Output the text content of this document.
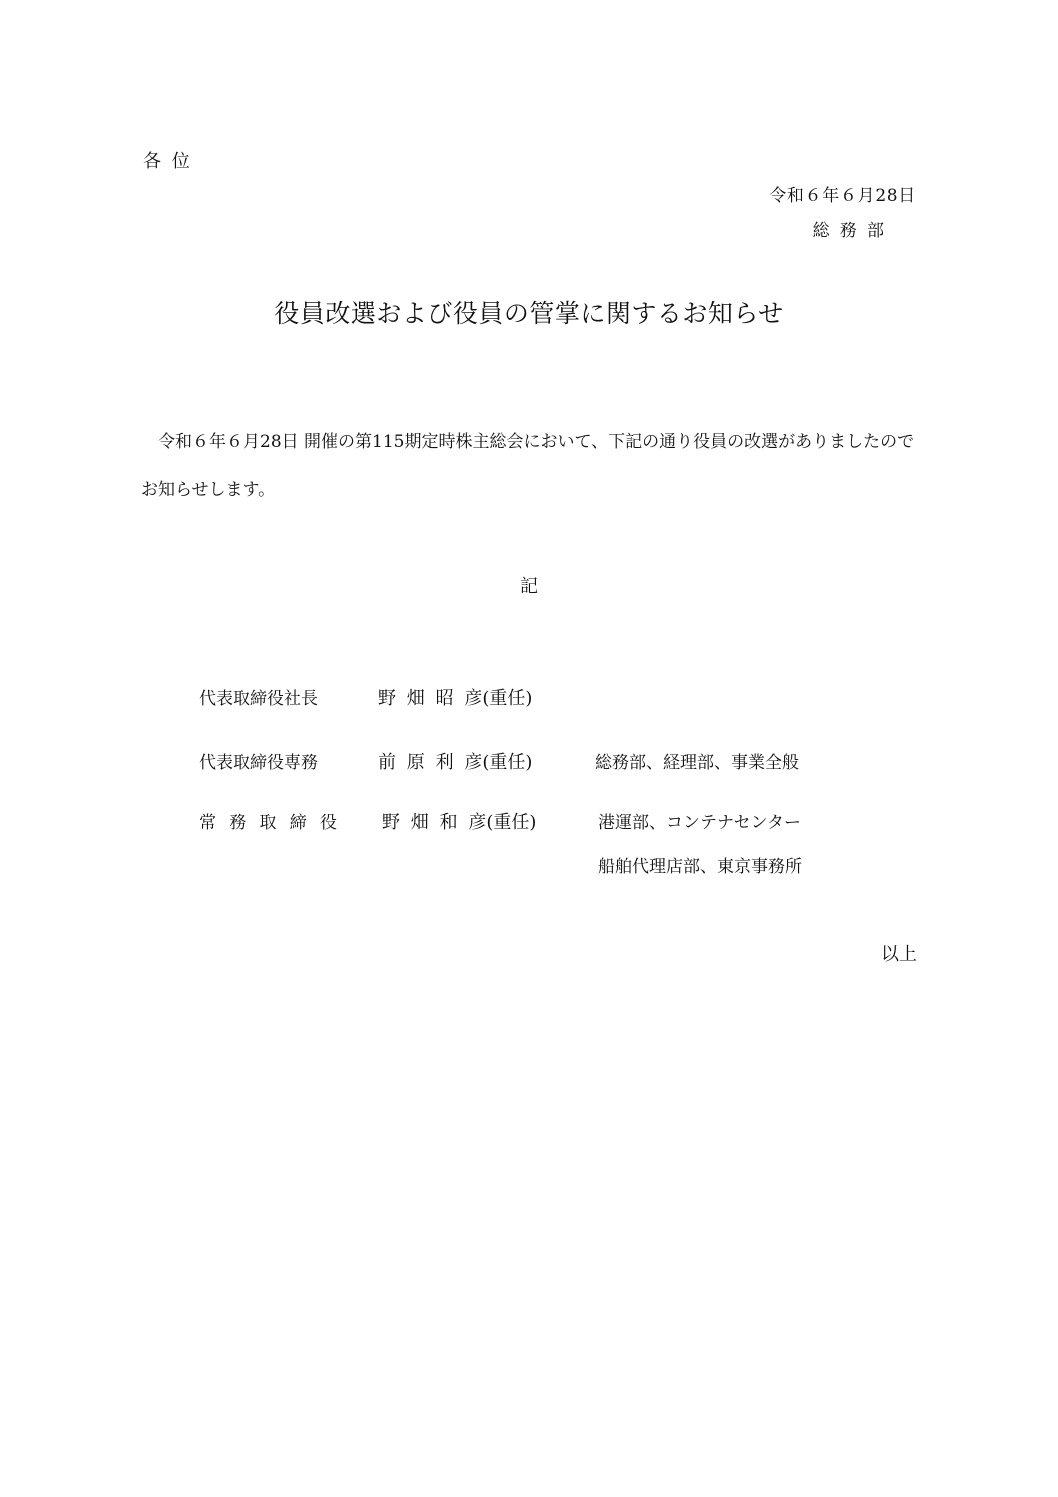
各位
令和６年６月28日
総務部
役員改選および役員の管掌に関するお知らせ
令和６年６月28日 開催の第115期定時株主総会において、下記の通り役員の改選がありましたのでお知らせします。
記
代表取締役社長	野畑昭彦(重任)
代表取締役専務	前原利彦(重任)	総務部、経理部、事業全般
常務取締役 野畑和彦(重任)	港運部、コンテナセンター
船舶代理店部、東京事務所
以上
